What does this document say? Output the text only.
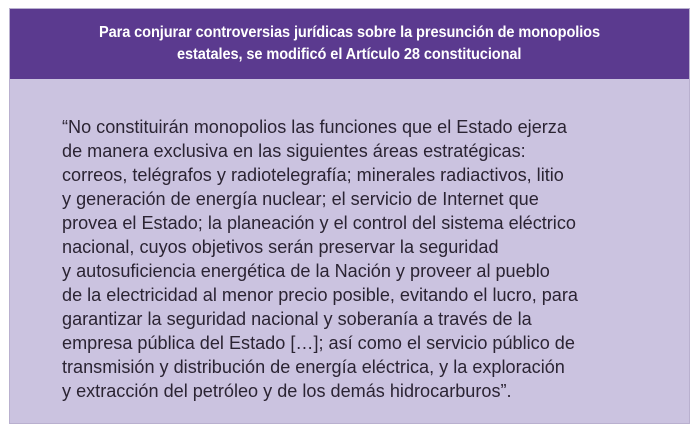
Para conjurar controversias jurídicas sobre la presunción de monopolios
estatales, se modificó el Artículo 28 constitucional
“No constituirán monopolios las funciones que el Estado ejerza
de manera exclusiva en las siguientes áreas estratégicas:
correos, telégrafos y radiotelegrafía; minerales radiactivos, litio
y generación de energía nuclear; el servicio de Internet que
provea el Estado; la planeación y el control del sistema eléctrico
nacional, cuyos objetivos serán preservar la seguridad
y autosuficiencia energética de la Nación y proveer al pueblo
de la electricidad al menor precio posible, evitando el lucro, para
garantizar la seguridad nacional y soberanía a través de la
empresa pública del Estado […]; así como el servicio público de
transmisión y distribución de energía eléctrica, y la exploración
y extracción del petróleo y de los demás hidrocarburos”.
